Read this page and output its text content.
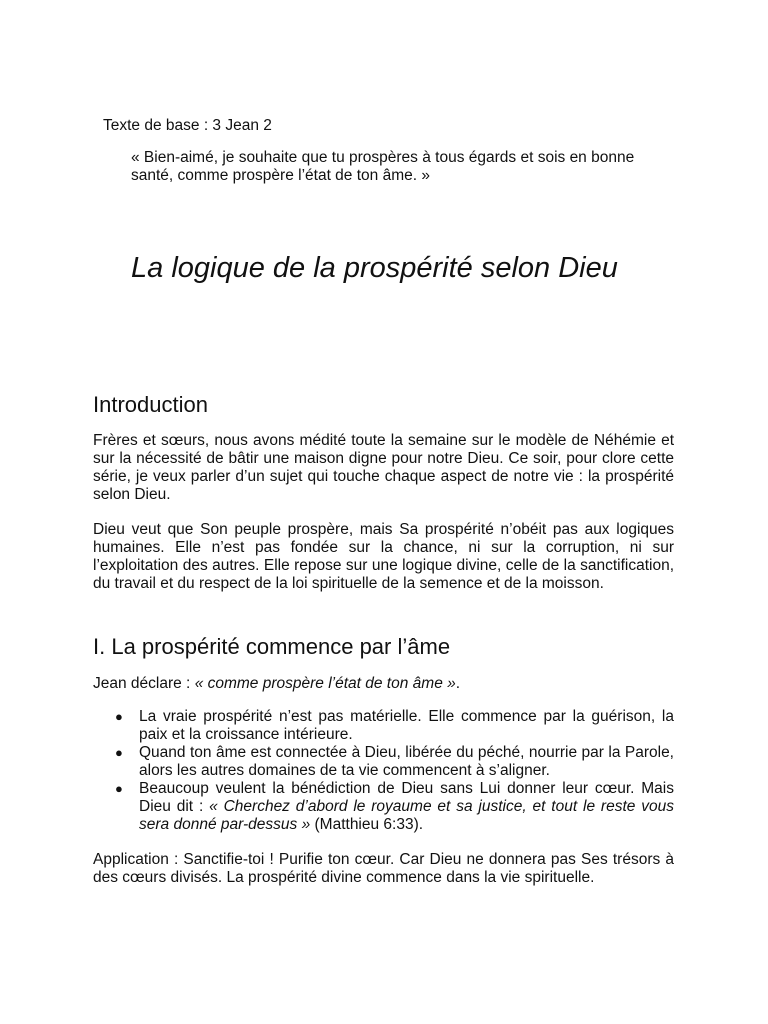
Texte de base : 3 Jean 2
« Bien-aimé, je souhaite que tu prospères à tous égards et sois en bonne santé, comme prospère l’état de ton âme. »
La logique de la prospérité selon Dieu
Introduction

Frères et sœurs, nous avons médité toute la semaine sur le modèle de Néhémie et sur la nécessité de bâtir une maison digne pour notre Dieu. Ce soir, pour clore cette série, je veux parler d’un sujet qui touche chaque aspect de notre vie : la prospérité selon Dieu.

Dieu veut que Son peuple prospère, mais Sa prospérité n’obéit pas aux logiques humaines. Elle n’est pas fondée sur la chance, ni sur la corruption, ni sur l’exploitation des autres. Elle repose sur une logique divine, celle de la sanctification, du travail et du respect de la loi spirituelle de la semence et de la moisson.

I. La prospérité commence par l’âme

Jean déclare : « comme prospère l’état de ton âme ».

● La vraie prospérité n’est pas matérielle. Elle commence par la guérison, la paix et la croissance intérieure.
● Quand ton âme est connectée à Dieu, libérée du péché, nourrie par la Parole, alors les autres domaines de ta vie commencent à s’aligner.
● Beaucoup veulent la bénédiction de Dieu sans Lui donner leur cœur. Mais Dieu dit : « Cherchez d’abord le royaume et sa justice, et tout le reste vous sera donné par-dessus » (Matthieu 6:33).

Application : Sanctifie-toi ! Purifie ton cœur. Car Dieu ne donnera pas Ses trésors à des cœurs divisés. La prospérité divine commence dans la vie spirituelle.
